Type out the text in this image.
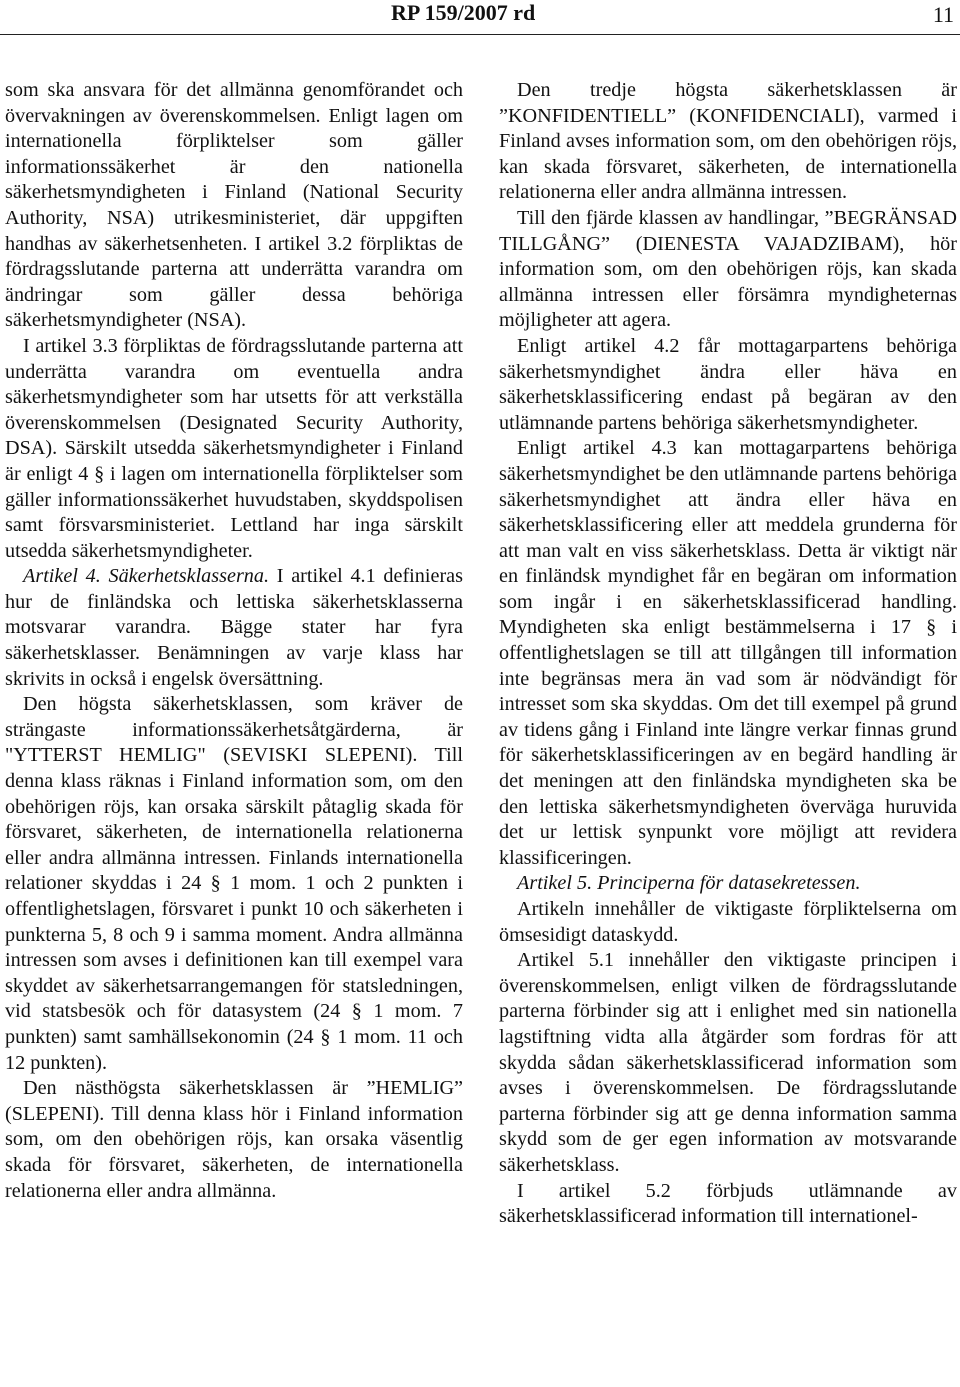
RP 159/2007 rd	11

som ska ansvara för det allmänna genomförandet och övervakningen av överenskommelsen. Enligt lagen om internationella förpliktelser som gäller informationssäkerhet är den nationella säkerhetsmyndigheten i Finland (National Security Authority, NSA) utrikesministeriet, där uppgiften handhas av säkerhetsenheten. I artikel 3.2 förpliktas de fördragsslutande parterna att underrätta varandra om ändringar som gäller dessa behöriga säkerhetsmyndigheter (NSA).

I artikel 3.3 förpliktas de fördragsslutande parterna att underrätta varandra om eventuella andra säkerhetsmyndigheter som har utsetts för att verkställa överenskommelsen (Designated Security Authority, DSA). Särskilt utsedda säkerhetsmyndigheter i Finland är enligt 4 § i lagen om internationella förpliktelser som gäller informationssäkerhet huvudstaben, skyddspolisen samt försvarsministeriet. Lettland har inga särskilt utsedda säkerhetsmyndigheter.

Artikel 4. Säkerhetsklasserna. I artikel 4.1 definieras hur de finländska och lettiska säkerhetsklasserna motsvarar varandra. Bägge stater har fyra säkerhetsklasser. Benämningen av varje klass har skrivits in också i engelsk översättning.

Den högsta säkerhetsklassen, som kräver de strängaste informationssäkerhetsåtgärderna, är "YTTERST HEMLIG" (SEVISKI SLEPENI). Till denna klass räknas i Finland information som, om den obehörigen röjs, kan orsaka särskilt påtaglig skada för försvaret, säkerheten, de internationella relationerna eller andra allmänna intressen. Finlands internationella relationer skyddas i 24 § 1 mom. 1 och 2 punkten i offentlighetslagen, försvaret i punkt 10 och säkerheten i punkterna 5, 8 och 9 i samma moment. Andra allmänna intressen som avses i definitionen kan till exempel vara skyddet av säkerhetsarrangemangen för statsledningen, vid statsbesök och för datasystem (24 § 1 mom. 7 punkten) samt samhällsekonomin (24 § 1 mom. 11 och 12 punkten).

Den nästhögsta säkerhetsklassen är ”HEMLIG” (SLEPENI). Till denna klass hör i Finland information som, om den obehörigen röjs, kan orsaka väsentlig skada för försvaret, säkerheten, de internationella relationerna eller andra allmänna.

Den tredje högsta säkerhetsklassen är ”KONFIDENTIELL” (KONFIDENCIALI), varmed i Finland avses information som, om den obehörigen röjs, kan skada försvaret, säkerheten, de internationella relationerna eller andra allmänna intressen.

Till den fjärde klassen av handlingar, ”BEGRÄNSAD TILLGÅNG” (DIENESTA VAJADZIBAM), hör information som, om den obehörigen röjs, kan skada allmänna intressen eller försämra myndigheternas möjligheter att agera.

Enligt artikel 4.2 får mottagarpartens behöriga säkerhetsmyndighet ändra eller häva en säkerhetsklassificering endast på begäran av den utlämnande partens behöriga säkerhetsmyndigheter.

Enligt artikel 4.3 kan mottagarpartens behöriga säkerhetsmyndighet be den utlämnande partens behöriga säkerhetsmyndighet att ändra eller häva en säkerhetsklassificering eller att meddela grunderna för att man valt en viss säkerhetsklass. Detta är viktigt när en finländsk myndighet får en begäran om information som ingår i en säkerhetsklassificerad handling. Myndigheten ska enligt bestämmelserna i 17 § i offentlighetslagen se till att tillgången till information inte begränsas mera än vad som är nödvändigt för intresset som ska skyddas. Om det till exempel på grund av tidens gång i Finland inte längre verkar finnas grund för säkerhetsklassificeringen av en begärd handling är det meningen att den finländska myndigheten ska be den lettiska säkerhetsmyndigheten överväga huruvida det ur lettisk synpunkt vore möjligt att revidera klassificeringen.

Artikel 5. Principerna för datasekretessen.

Artikeln innehåller de viktigaste förpliktelserna om ömsesidigt dataskydd.

Artikel 5.1 innehåller den viktigaste principen i överenskommelsen, enligt vilken de fördragsslutande parterna förbinder sig att i enlighet med sin nationella lagstiftning vidta alla åtgärder som fordras för att skydda sådan säkerhetsklassificerad information som avses i överenskommelsen. De fördragsslutande parterna förbinder sig att ge denna information samma skydd som de ger egen information av motsvarande säkerhetsklass.

I artikel 5.2 förbjuds utlämnande av säkerhetsklassificerad information till internationel-
